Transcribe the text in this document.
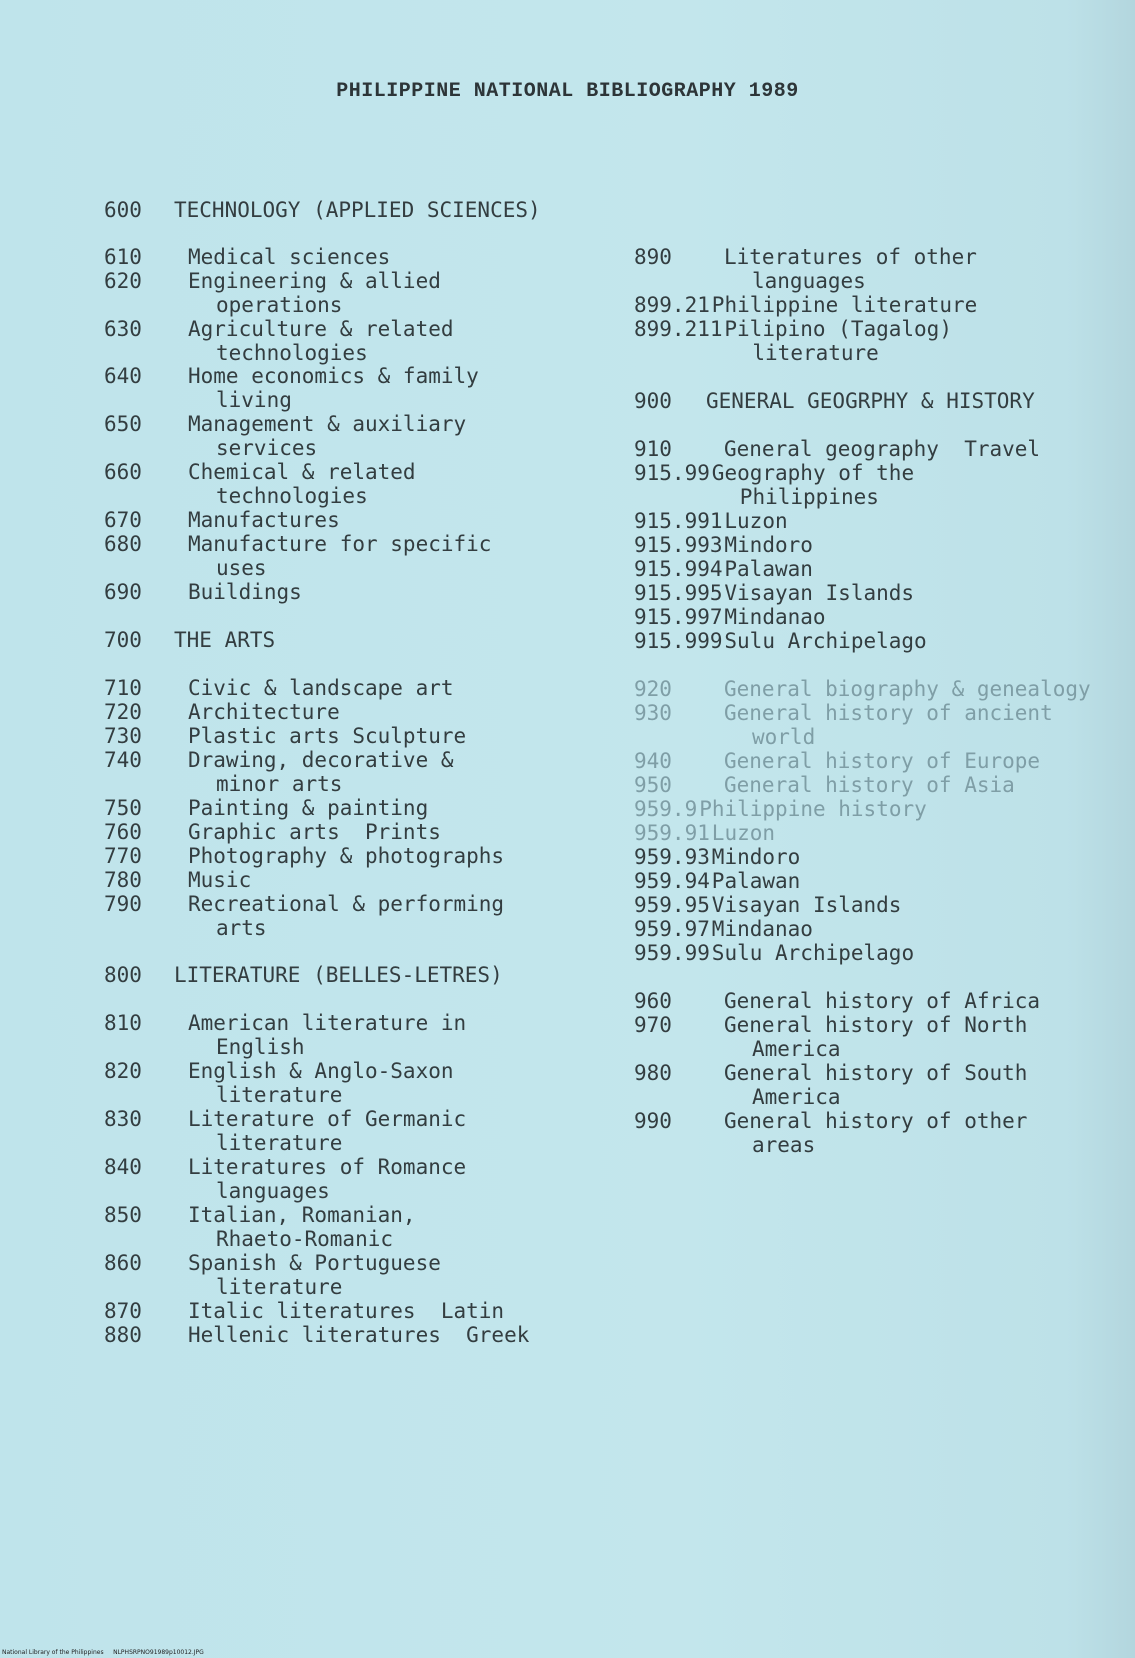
PHILIPPINE NATIONAL BIBLIOGRAPHY 1989
600 TECHNOLOGY (APPLIED SCIENCES)
610 Medical sciences
620 Engineering & allied
operations
630 Agriculture & related
technologies
640 Home economics & family
living
650 Management & auxiliary
services
660 Chemical & related
technologies
670 Manufactures
680 Manufacture for specific
uses
690 Buildings
700 THE ARTS
710 Civic & landscape art
720 Architecture
730 Plastic arts Sculpture
740 Drawing, decorative &
minor arts
750 Painting & painting
760 Graphic arts  Prints
770 Photography & photographs
780 Music
790 Recreational & performing
arts
800 LITERATURE (BELLES-LETRES)
810 American literature in
English
820 English & Anglo-Saxon
literature
830 Literature of Germanic
literature
840 Literatures of Romance
languages
850 Italian, Romanian,
Rhaeto-Romanic
860 Spanish & Portuguese
literature
870 Italic literatures  Latin
880 Hellenic literatures  Greek
890 Literatures of other
languages
899.21 Philippine literature
899.211 Pilipino (Tagalog)
literature
900 GENERAL GEOGRPHY & HISTORY
910 General geography  Travel
915.99 Geography of the
Philippines
915.991 Luzon
915.993 Mindoro
915.994 Palawan
915.995 Visayan Islands
915.997 Mindanao
915.999 Sulu Archipelago
920 General biography & genealogy
930 General history of ancient
world
940 General history of Europe
950 General history of Asia
959.9 Philippine history
959.91 Luzon
959.93 Mindoro
959.94 Palawan
959.95 Visayan Islands
959.97 Mindanao
959.99 Sulu Archipelago
960 General history of Africa
970 General history of North
America
980 General history of South
America
990 General history of other
areas
National Library of the Philippines     NLPHSRPNO91989p10012.JPG
